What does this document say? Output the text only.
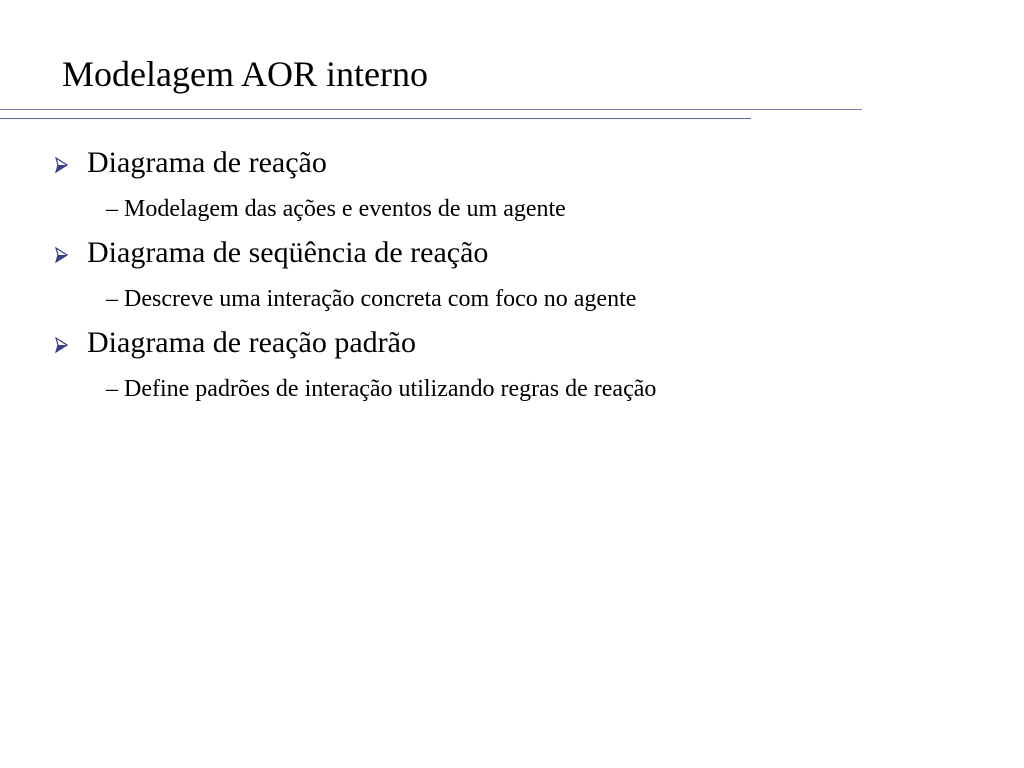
Modelagem AOR interno
Diagrama de reação
– Modelagem das ações e eventos de um agente
Diagrama de seqüência de reação
– Descreve uma interação concreta com foco no agente
Diagrama de reação padrão
– Define padrões de interação utilizando regras de reação
